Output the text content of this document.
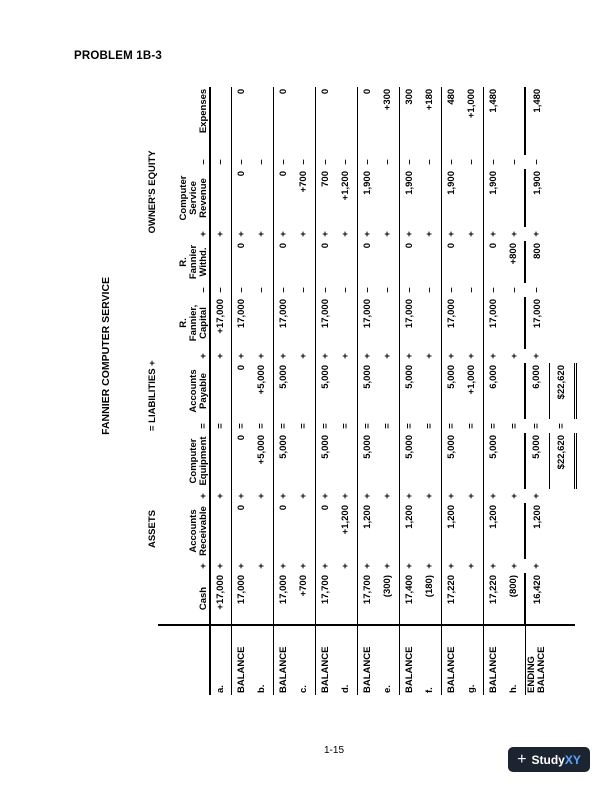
PROBLEM 1B-3
	FANNIER COMPUTER SERVICE														
	ASSETS					= LIABILITIES +				OWNER'S EQUITY					
	Cash	+	Accounts Receivable	+	Computer Equipment	=	Accounts Payable	+	R. Fannier, Capital	–	R. Fannier Withd.	+	Computer Service Revenue	–	Expenses
a.	+17,000	+		+		=		+	+17,000	–		+		–	
BALANCE	17,000	+	0	+	0	=	0	+	17,000	–	0	+	0	–	0
b.		+		+	+5,000	=	+5,000	+		–		+		–	
BALANCE	17,000	+	0	+	5,000	=	5,000	+	17,000	–	0	+	0	–	0
c.	+700	+		+		=		+		–		+	+700	–	
BALANCE	17,700	+	0	+	5,000	=	5,000	+	17,000	–	0	+	700	–	0
d.		+	+1,200	+		=		+		–		+	+1,200	–	
BALANCE	17,700	+	1,200	+	5,000	=	5,000	+	17,000	–	0	+	1,900	–	0
e.	(300)	+		+		=		+		–		+		–	+300
BALANCE	17,400	+	1,200	+	5,000	=	5,000	+	17,000	–	0	+	1,900	–	300
f.	(180)	+		+		=		+		–		+		–	+180
BALANCE	17,220	+	1,200	+	5,000	=	5,000	+	17,000	–	0	+	1,900	–	480
g.		+		+		=	+1,000	+		–		+		–	+1,000
BALANCE	17,220	+	1,200	+	5,000	=	6,000	+	17,000	–	0	+	1,900	–	1,480
h.	(800)	+		+		=		+		–	+800	+		–	
ENDING BALANCE	16,420	+	1,200	+	5,000	=	6,000	+	17,000	–	800	+	1,900	–	1,480
					$22,620	=	$22,620								
1-15	+ StudyXY
